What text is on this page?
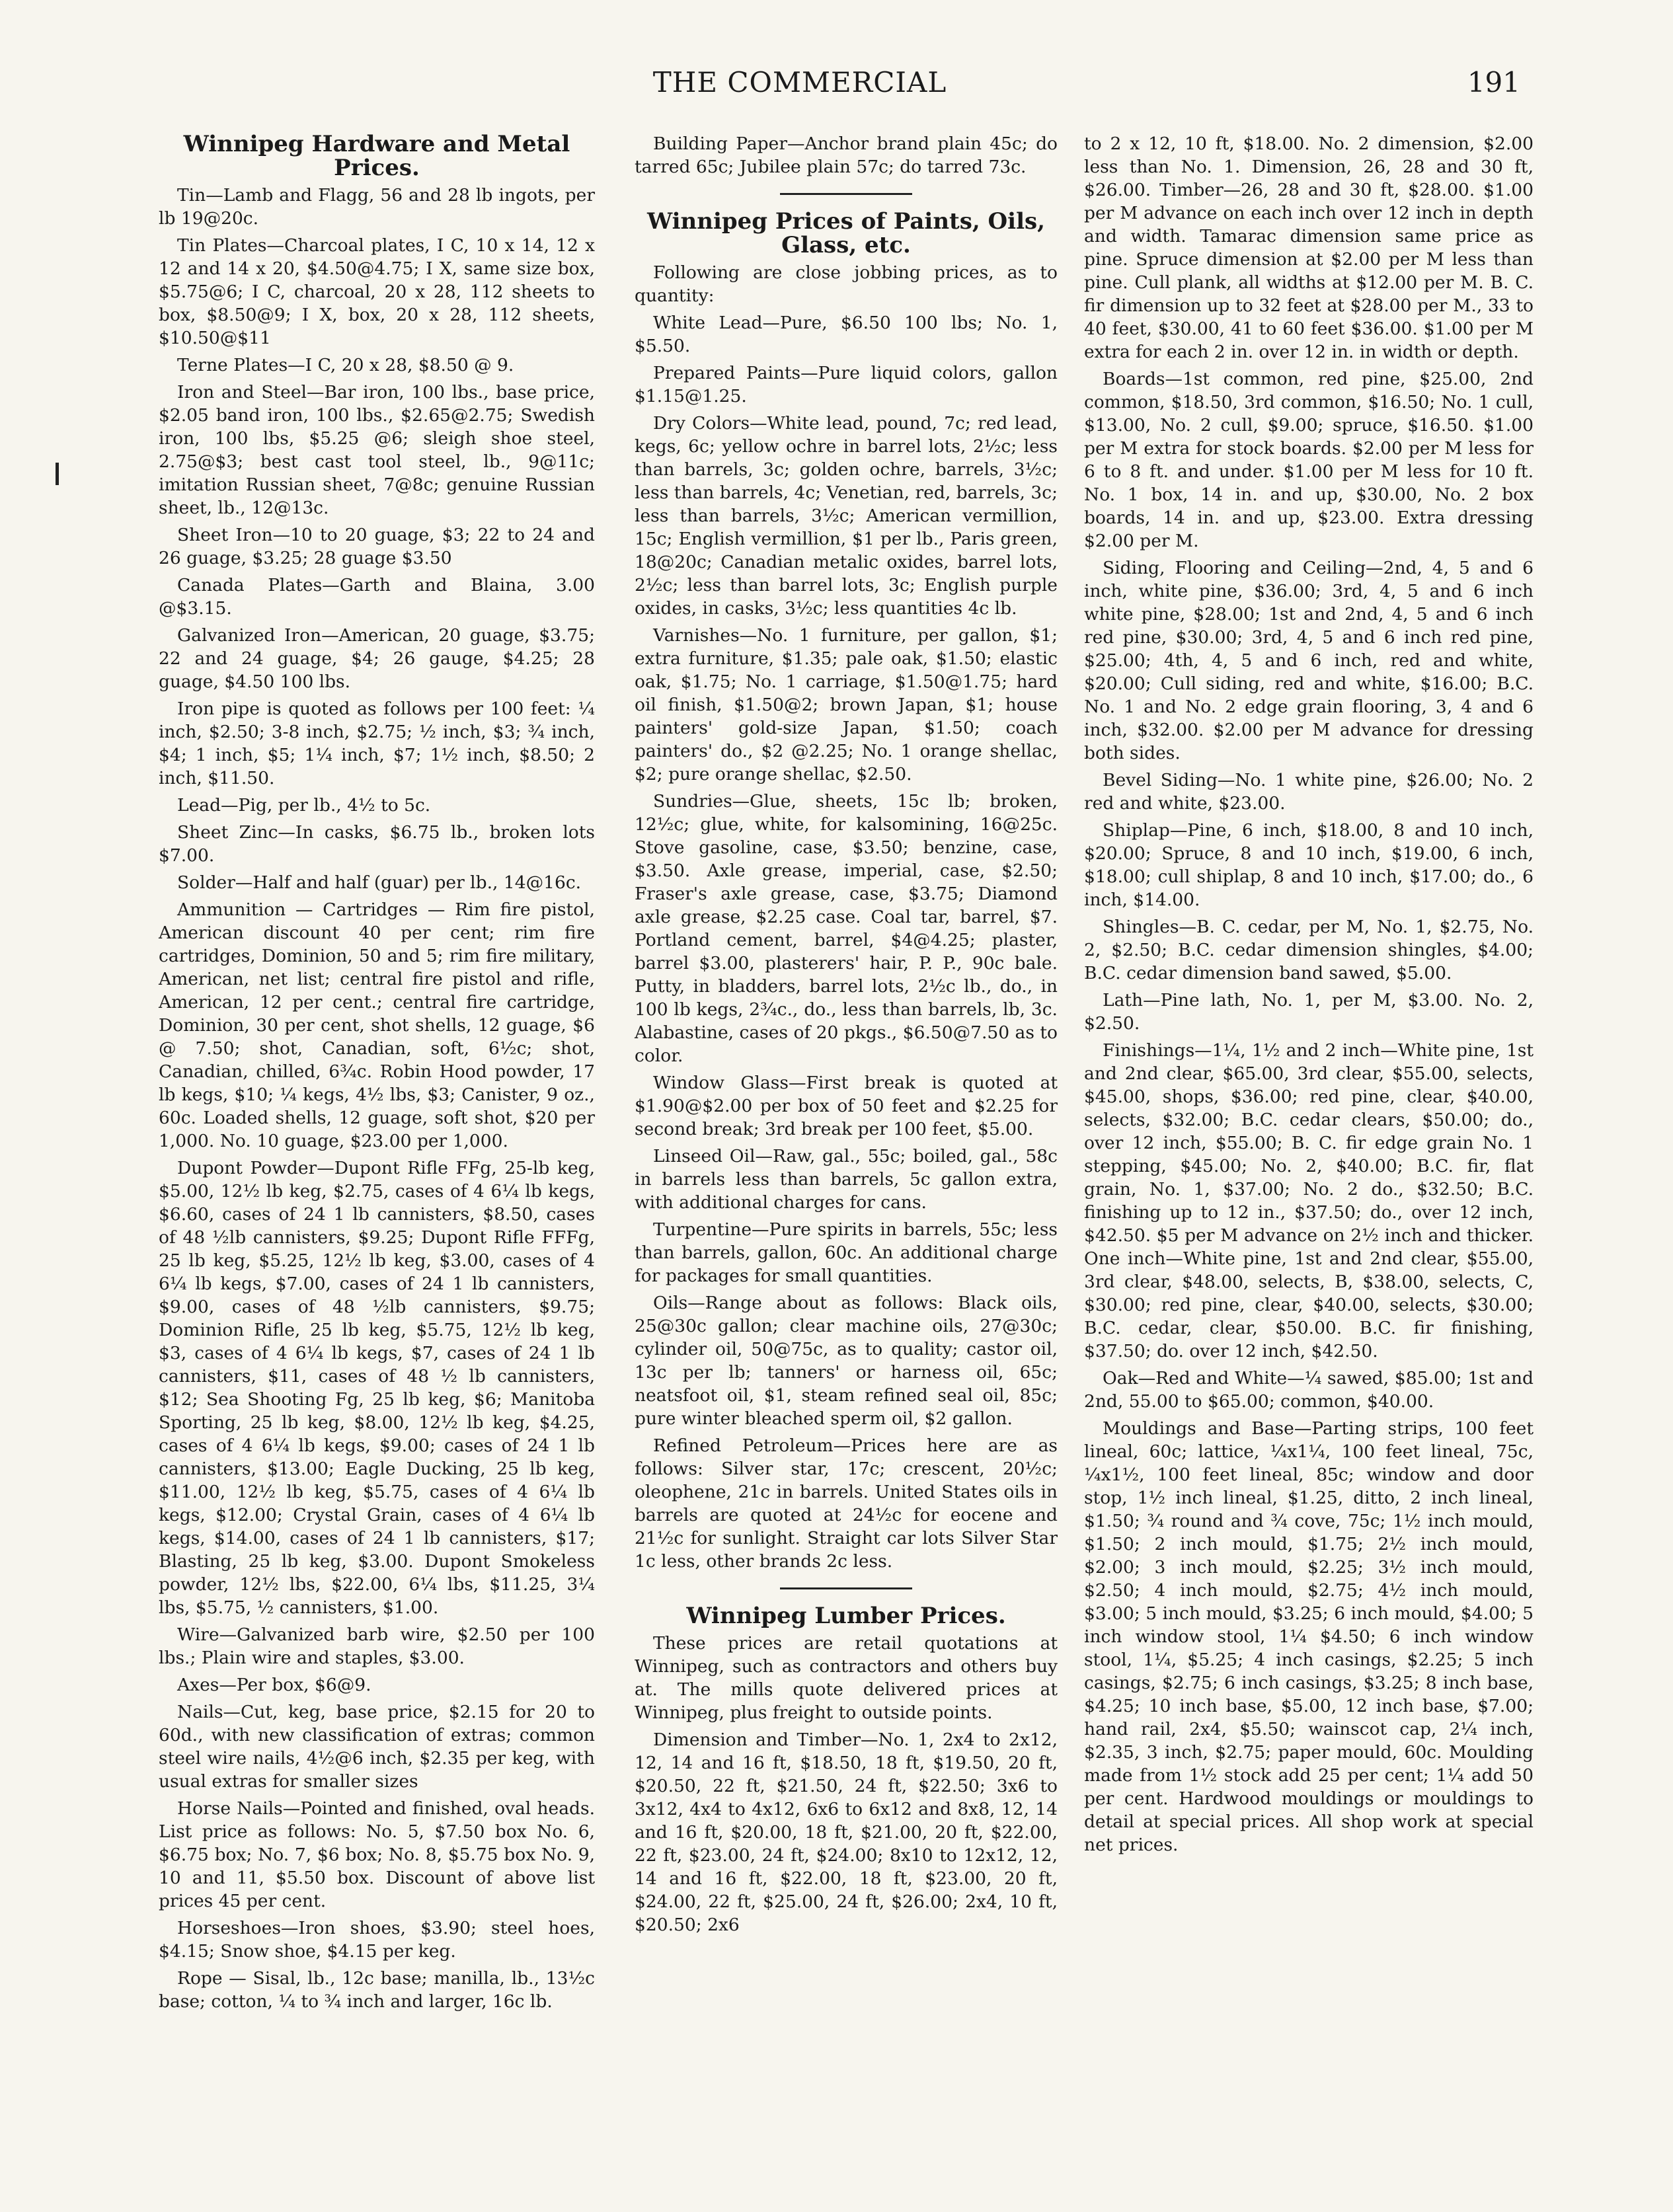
THE COMMERCIAL	191
Winnipeg Hardware and Metal Prices.

Tin—Lamb and Flagg, 56 and 28 lb ingots, per lb 19@20c.

Tin Plates—Charcoal plates, I C, 10 x 14, 12 x 12 and 14 x 20, $4.50@4.75; I X, same size box, $5.75@6; I C, charcoal, 20 x 28, 112 sheets to box, $8.50@9; I X, box, 20 x 28, 112 sheets, $10.50@$11

Terne Plates—I C, 20 x 28, $8.50 @ 9.

Iron and Steel—Bar iron, 100 lbs., base price, $2.05 band iron, 100 lbs., $2.65@2.75; Swedish iron, 100 lbs, $5.25 @6; sleigh shoe steel, 2.75@$3; best cast tool steel, lb., 9@11c; imitation Russian sheet, 7@8c; genuine Russian sheet, lb., 12@13c.

Sheet Iron—10 to 20 guage, $3; 22 to 24 and 26 guage, $3.25; 28 guage $3.50

Canada Plates—Garth and Blaina, 3.00 @$3.15.

Galvanized Iron—American, 20 guage, $3.75; 22 and 24 guage, $4; 26 gauge, $4.25; 28 guage, $4.50 100 lbs.

Iron pipe is quoted as follows per 100 feet: ¼ inch, $2.50; 3-8 inch, $2.75; ½ inch, $3; ¾ inch, $4; 1 inch, $5; 1¼ inch, $7; 1½ inch, $8.50; 2 inch, $11.50.

Lead—Pig, per lb., 4½ to 5c.

Sheet Zinc—In casks, $6.75 lb., broken lots $7.00.

Solder—Half and half (guar) per lb., 14@16c.

Ammunition — Cartridges — Rim fire pistol, American discount 40 per cent; rim fire cartridges, Dominion, 50 and 5; rim fire military, American, net list; central fire pistol and rifle, American, 12 per cent.; central fire cartridge, Dominion, 30 per cent, shot shells, 12 guage, $6 @ 7.50; shot, Canadian, soft, 6½c; shot, Canadian, chilled, 6¾c. Robin Hood powder, 17 lb kegs, $10; ¼ kegs, 4½ lbs, $3; Canister, 9 oz., 60c. Loaded shells, 12 guage, soft shot, $20 per 1,000. No. 10 guage, $23.00 per 1,000.

Dupont Powder—Dupont Rifle FFg, 25-lb keg, $5.00, 12½ lb keg, $2.75, cases of 4 6¼ lb kegs, $6.60, cases of 24 1 lb cannisters, $8.50, cases of 48 ½lb cannisters, $9.25; Dupont Rifle FFFg, 25 lb keg, $5.25, 12½ lb keg, $3.00, cases of 4 6¼ lb kegs, $7.00, cases of 24 1 lb cannisters, $9.00, cases of 48 ½lb cannisters, $9.75; Dominion Rifle, 25 lb keg, $5.75, 12½ lb keg, $3, cases of 4 6¼ lb kegs, $7, cases of 24 1 lb cannisters, $11, cases of 48 ½ lb cannisters, $12; Sea Shooting Fg, 25 lb keg, $6; Manitoba Sporting, 25 lb keg, $8.00, 12½ lb keg, $4.25, cases of 4 6¼ lb kegs, $9.00; cases of 24 1 lb cannisters, $13.00; Eagle Ducking, 25 lb keg, $11.00, 12½ lb keg, $5.75, cases of 4 6¼ lb kegs, $12.00; Crystal Grain, cases of 4 6¼ lb kegs, $14.00, cases of 24 1 lb cannisters, $17; Blasting, 25 lb keg, $3.00. Dupont Smokeless powder, 12½ lbs, $22.00, 6¼ lbs, $11.25, 3¼ lbs, $5.75, ½ cannisters, $1.00.

Wire—Galvanized barb wire, $2.50 per 100 lbs.; Plain wire and staples, $3.00.

Axes—Per box, $6@9.

Nails—Cut, keg, base price, $2.15 for 20 to 60d., with new classification of extras; common steel wire nails, 4½@6 inch, $2.35 per keg, with usual extras for smaller sizes

Horse Nails—Pointed and finished, oval heads. List price as follows: No. 5, $7.50 box No. 6, $6.75 box; No. 7, $6 box; No. 8, $5.75 box No. 9, 10 and 11, $5.50 box. Discount of above list prices 45 per cent.

Horseshoes—Iron shoes, $3.90; steel hoes, $4.15; Snow shoe, $4.15 per keg.

Rope — Sisal, lb., 12c base; manilla, lb., 13½c base; cotton, ¼ to ¾ inch and larger, 16c lb.

Building Paper—Anchor brand plain 45c; do tarred 65c; Jubilee plain 57c; do tarred 73c.

Winnipeg Prices of Paints, Oils, Glass, etc.

Following are close jobbing prices, as to quantity:

White Lead—Pure, $6.50 100 lbs; No. 1, $5.50.

Prepared Paints—Pure liquid colors, gallon $1.15@1.25.

Dry Colors—White lead, pound, 7c; red lead, kegs, 6c; yellow ochre in barrel lots, 2½c; less than barrels, 3c; golden ochre, barrels, 3½c; less than barrels, 4c; Venetian, red, barrels, 3c; less than barrels, 3½c; American vermillion, 15c; English vermillion, $1 per lb., Paris green, 18@20c; Canadian metalic oxides, barrel lots, 2½c; less than barrel lots, 3c; English purple oxides, in casks, 3½c; less quantities 4c lb.

Varnishes—No. 1 furniture, per gallon, $1; extra furniture, $1.35; pale oak, $1.50; elastic oak, $1.75; No. 1 carriage, $1.50@1.75; hard oil finish, $1.50@2; brown Japan, $1; house painters' gold-size Japan, $1.50; coach painters' do., $2 @2.25; No. 1 orange shellac, $2; pure orange shellac, $2.50.

Sundries—Glue, sheets, 15c lb; broken, 12½c; glue, white, for kalsomining, 16@25c. Stove gasoline, case, $3.50; benzine, case, $3.50. Axle grease, imperial, case, $2.50; Fraser's axle grease, case, $3.75; Diamond axle grease, $2.25 case. Coal tar, barrel, $7. Portland cement, barrel, $4@4.25; plaster, barrel $3.00, plasterers' hair, P. P., 90c bale. Putty, in bladders, barrel lots, 2½c lb., do., in 100 lb kegs, 2¾c., do., less than barrels, lb, 3c. Alabastine, cases of 20 pkgs., $6.50@7.50 as to color.

Window Glass—First break is quoted at $1.90@$2.00 per box of 50 feet and $2.25 for second break; 3rd break per 100 feet, $5.00.

Linseed Oil—Raw, gal., 55c; boiled, gal., 58c in barrels less than barrels, 5c gallon extra, with additional charges for cans.

Turpentine—Pure spirits in barrels, 55c; less than barrels, gallon, 60c. An additional charge for packages for small quantities.

Oils—Range about as follows: Black oils, 25@30c gallon; clear machine oils, 27@30c; cylinder oil, 50@75c, as to quality; castor oil, 13c per lb; tanners' or harness oil, 65c; neatsfoot oil, $1, steam refined seal oil, 85c; pure winter bleached sperm oil, $2 gallon.

Refined Petroleum—Prices here are as follows: Silver star, 17c; crescent, 20½c; oleophene, 21c in barrels. United States oils in barrels are quoted at 24½c for eocene and 21½c for sunlight. Straight car lots Silver Star 1c less, other brands 2c less.

Winnipeg Lumber Prices.

These prices are retail quotations at Winnipeg, such as contractors and others buy at. The mills quote delivered prices at Winnipeg, plus freight to outside points.

Dimension and Timber—No. 1, 2x4 to 2x12, 12, 14 and 16 ft, $18.50, 18 ft, $19.50, 20 ft, $20.50, 22 ft, $21.50, 24 ft, $22.50; 3x6 to 3x12, 4x4 to 4x12, 6x6 to 6x12 and 8x8, 12, 14 and 16 ft, $20.00, 18 ft, $21.00, 20 ft, $22.00, 22 ft, $23.00, 24 ft, $24.00; 8x10 to 12x12, 12, 14 and 16 ft, $22.00, 18 ft, $23.00, 20 ft, $24.00, 22 ft, $25.00, 24 ft, $26.00; 2x4, 10 ft, $20.50; 2x6

to 2 x 12, 10 ft, $18.00. No. 2 dimension, $2.00 less than No. 1. Dimension, 26, 28 and 30 ft, $26.00. Timber—26, 28 and 30 ft, $28.00. $1.00 per M advance on each inch over 12 inch in depth and width. Tamarac dimension same price as pine. Spruce dimension at $2.00 per M less than pine. Cull plank, all widths at $12.00 per M. B. C. fir dimension up to 32 feet at $28.00 per M., 33 to 40 feet, $30.00, 41 to 60 feet $36.00. $1.00 per M extra for each 2 in. over 12 in. in width or depth.

Boards—1st common, red pine, $25.00, 2nd common, $18.50, 3rd common, $16.50; No. 1 cull, $13.00, No. 2 cull, $9.00; spruce, $16.50. $1.00 per M extra for stock boards. $2.00 per M less for 6 to 8 ft. and under. $1.00 per M less for 10 ft. No. 1 box, 14 in. and up, $30.00, No. 2 box boards, 14 in. and up, $23.00. Extra dressing $2.00 per M.

Siding, Flooring and Ceiling—2nd, 4, 5 and 6 inch, white pine, $36.00; 3rd, 4, 5 and 6 inch white pine, $28.00; 1st and 2nd, 4, 5 and 6 inch red pine, $30.00; 3rd, 4, 5 and 6 inch red pine, $25.00; 4th, 4, 5 and 6 inch, red and white, $20.00; Cull siding, red and white, $16.00; B.C. No. 1 and No. 2 edge grain flooring, 3, 4 and 6 inch, $32.00. $2.00 per M advance for dressing both sides.

Bevel Siding—No. 1 white pine, $26.00; No. 2 red and white, $23.00.

Shiplap—Pine, 6 inch, $18.00, 8 and 10 inch, $20.00; Spruce, 8 and 10 inch, $19.00, 6 inch, $18.00; cull shiplap, 8 and 10 inch, $17.00; do., 6 inch, $14.00.

Shingles—B. C. cedar, per M, No. 1, $2.75, No. 2, $2.50; B.C. cedar dimension shingles, $4.00; B.C. cedar dimension band sawed, $5.00.

Lath—Pine lath, No. 1, per M, $3.00. No. 2, $2.50.

Finishings—1¼, 1½ and 2 inch—White pine, 1st and 2nd clear, $65.00, 3rd clear, $55.00, selects, $45.00, shops, $36.00; red pine, clear, $40.00, selects, $32.00; B.C. cedar clears, $50.00; do., over 12 inch, $55.00; B. C. fir edge grain No. 1 stepping, $45.00; No. 2, $40.00; B.C. fir, flat grain, No. 1, $37.00; No. 2 do., $32.50; B.C. finishing up to 12 in., $37.50; do., over 12 inch, $42.50. $5 per M advance on 2½ inch and thicker. One inch—White pine, 1st and 2nd clear, $55.00, 3rd clear, $48.00, selects, B, $38.00, selects, C, $30.00; red pine, clear, $40.00, selects, $30.00; B.C. cedar, clear, $50.00. B.C. fir finishing, $37.50; do. over 12 inch, $42.50.

Oak—Red and White—¼ sawed, $85.00; 1st and 2nd, 55.00 to $65.00; common, $40.00.

Mouldings and Base—Parting strips, 100 feet lineal, 60c; lattice, ¼x1¼, 100 feet lineal, 75c, ¼x1½, 100 feet lineal, 85c; window and door stop, 1½ inch lineal, $1.25, ditto, 2 inch lineal, $1.50; ¾ round and ¾ cove, 75c; 1½ inch mould, $1.50; 2 inch mould, $1.75; 2½ inch mould, $2.00; 3 inch mould, $2.25; 3½ inch mould, $2.50; 4 inch mould, $2.75; 4½ inch mould, $3.00; 5 inch mould, $3.25; 6 inch mould, $4.00; 5 inch window stool, 1¼ $4.50; 6 inch window stool, 1¼, $5.25; 4 inch casings, $2.25; 5 inch casings, $2.75; 6 inch casings, $3.25; 8 inch base, $4.25; 10 inch base, $5.00, 12 inch base, $7.00; hand rail, 2x4, $5.50; wainscot cap, 2¼ inch, $2.35, 3 inch, $2.75; paper mould, 60c. Moulding made from 1½ stock add 25 per cent; 1¼ add 50 per cent. Hardwood mouldings or mouldings to detail at special prices. All shop work at special net prices.
